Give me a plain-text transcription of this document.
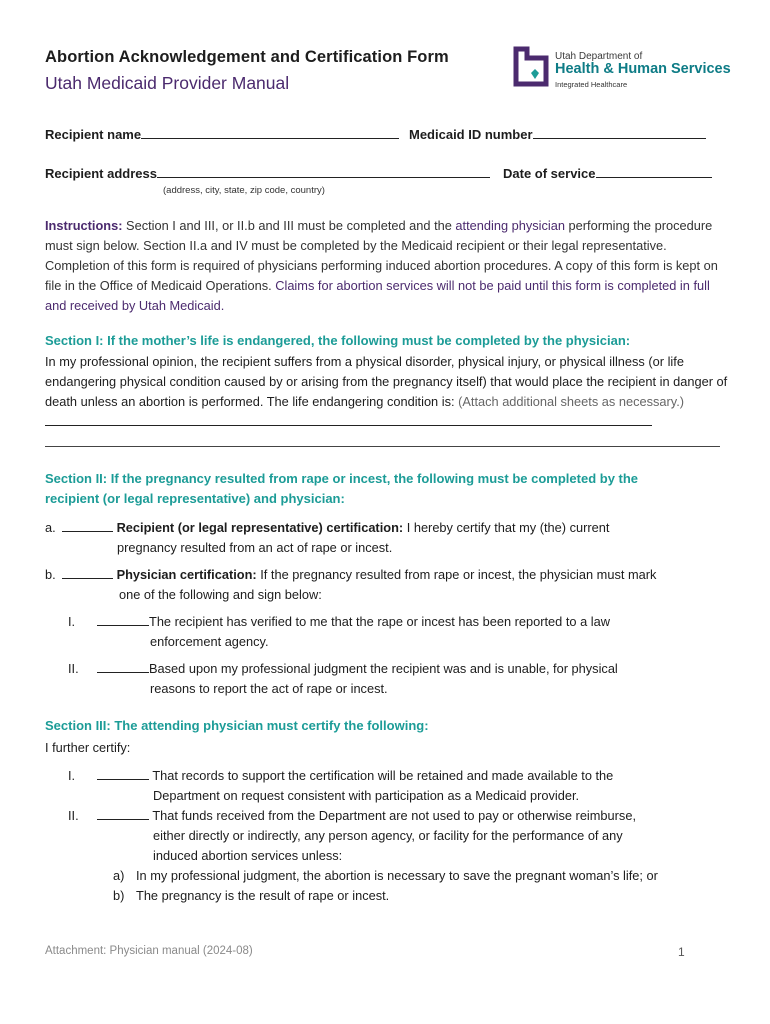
Abortion Acknowledgement and Certification Form
Utah Medicaid Provider Manual
Utah Department of
Health & Human Services
Integrated Healthcare
Recipient name	Medicaid ID number
Recipient address	Date of service
(address, city, state, zip code, country)
Instructions: Section I and III, or II.b and III must be completed and the attending physician performing the procedure must sign below. Section II.a and IV must be completed by the Medicaid recipient or their legal representative. Completion of this form is required of physicians performing induced abortion procedures. A copy of this form is kept on file in the Office of Medicaid Operations. Claims for abortion services will not be paid until this form is completed in full and received by Utah Medicaid.
Section I: If the mother’s life is endangered, the following must be completed by the physician:
In my professional opinion, the recipient suffers from a physical disorder, physical injury, or physical illness (or life endangering physical condition caused by or arising from the pregnancy itself) that would place the recipient in danger of death unless an abortion is performed. The life endangering condition is: (Attach additional sheets as necessary.)
Section II: If the pregnancy resulted from rape or incest, the following must be completed by the
recipient (or legal representative) and physician:
a.	Recipient (or legal representative) certification: I hereby certify that my (the) current
pregnancy resulted from an act of rape or incest.
b.	Physician certification: If the pregnancy resulted from rape or incest, the physician must mark
one of the following and sign below:
I.	The recipient has verified to me that the rape or incest has been reported to a law
enforcement agency.
II.	Based upon my professional judgment the recipient was and is unable, for physical
reasons to report the act of rape or incest.
Section III: The attending physician must certify the following:
I further certify:
I.	That records to support the certification will be retained and made available to the
Department on request consistent with participation as a Medicaid provider.
II.	That funds received from the Department are not used to pay or otherwise reimburse,
either directly or indirectly, any person agency, or facility for the performance of any
induced abortion services unless:
a) In my professional judgment, the abortion is necessary to save the pregnant woman’s life; or
b) The pregnancy is the result of rape or incest.
Attachment: Physician manual (2024-08)	1
